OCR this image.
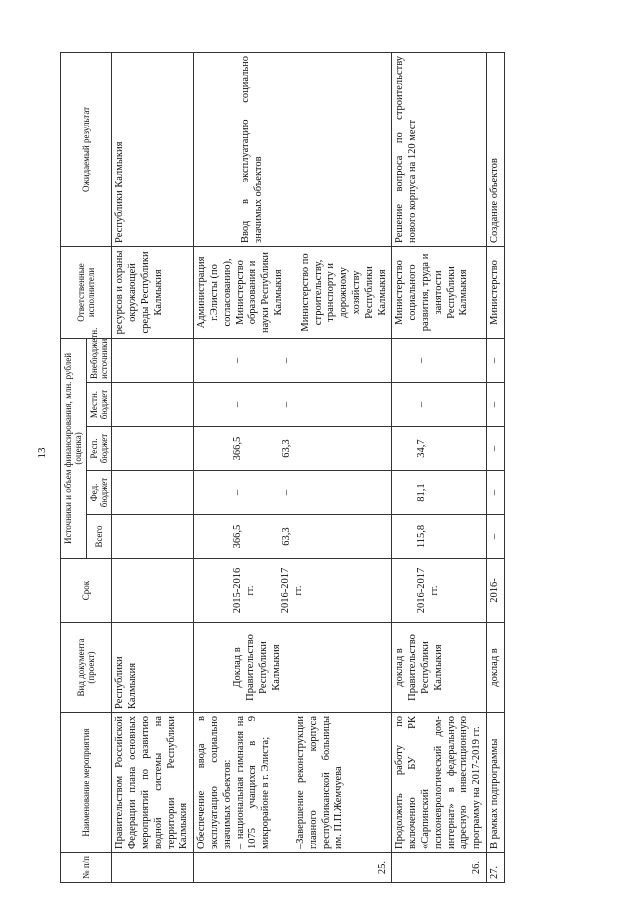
13
№ п/п	Наименование мероприятия	Вид документа (проект)	Срок	Источники и объем финансирования, млн. рублей (оценка)					Ответственные исполнители	Ожидаемый результат
				Всего	Фед. бюджет	Респ. бюджет	Местн. бюджет	Внебюджетн. источники		
	Правительством Российской Федерации плана основных мероприятий по развитию водной системы на территории Республики Калмыкия	Республики Калмыкия							ресурсов и охраны окружающей среды Республики Калмыкия	Республики Калмыкия
25.	Обеспечение ввода в эксплуатацию социально значимых объектов: – национальная гимназия на 1075 учащихся в 9 микрорайоне в г. Элиста; –Завершение реконструкции главного корпуса республиканской больницы им. П.П.Жемчуева	Доклад в Правительство Республики Калмыкия	2015-2016 гг. 2016-2017 гг.	366,5 63,3	– –	366,5 63,3	– –	– –	Администрация г.Элисты (по согласованию), Министерство образования и науки Республики Калмыкия Министерство по строительству, транспорту и дорожному хозяйству Республики Калмыкия	Ввод в эксплуатацию социально значимых объектов
26.	Продолжить работу по включению БУ РК «Сарпинский психоневрологический дом-интернат» в федеральную адресную инвестиционную программу на 2017-2019 гг.	доклад в Правительство Республики Калмыкия	2016-2017 гг.	115,8	81,1	34,7	–	–	Министерство социального развития, труда и занятости Республики Калмыкия	Решение вопроса по строительству нового корпуса на 120 мест
27.	В рамках подпрограммы	доклад в	2016-	–	–	–	–	–	Министерство	Создание объектов
